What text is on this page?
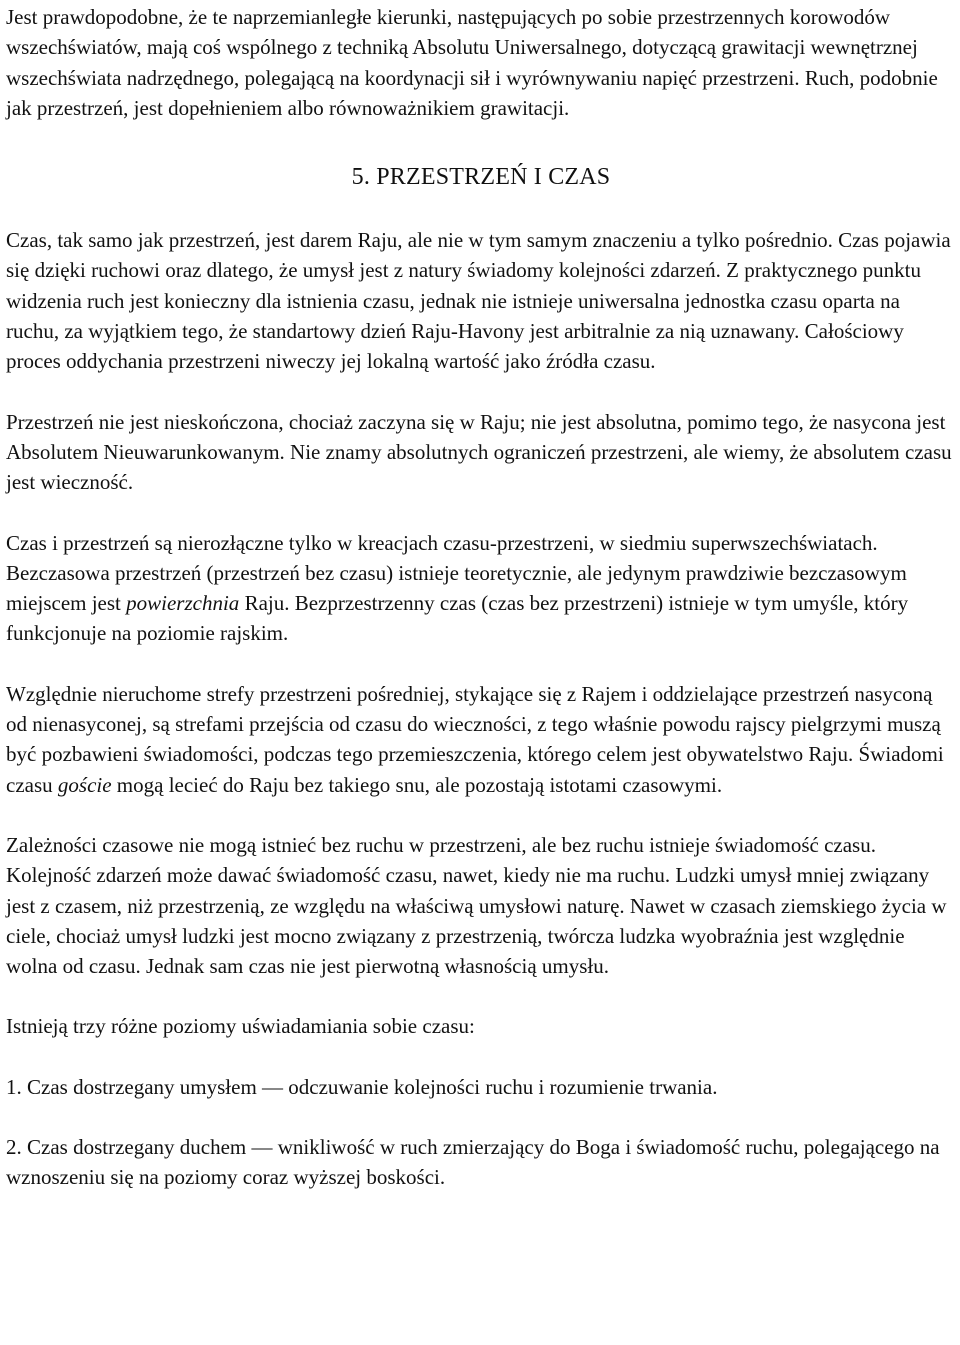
Jest prawdopodobne, że te naprzemianległe kierunki, następujących po sobie przestrzennych korowodów wszechświatów, mają coś wspólnego z techniką Absolutu Uniwersalnego, dotyczącą grawitacji wewnętrznej wszechświata nadrzędnego, polegającą na koordynacji sił i wyrównywaniu napięć przestrzeni. Ruch, podobnie jak przestrzeń, jest dopełnieniem albo równoważnikiem grawitacji.

5. PRZESTRZEŃ I CZAS

Czas, tak samo jak przestrzeń, jest darem Raju, ale nie w tym samym znaczeniu a tylko pośrednio. Czas pojawia się dzięki ruchowi oraz dlatego, że umysł jest z natury świadomy kolejności zdarzeń. Z praktycznego punktu widzenia ruch jest konieczny dla istnienia czasu, jednak nie istnieje uniwersalna jednostka czasu oparta na ruchu, za wyjątkiem tego, że standartowy dzień Raju-Havony jest arbitralnie za nią uznawany. Całościowy proces oddychania przestrzeni niweczy jej lokalną wartość jako źródła czasu.

Przestrzeń nie jest nieskończona, chociaż zaczyna się w Raju; nie jest absolutna, pomimo tego, że nasycona jest Absolutem Nieuwarunkowanym. Nie znamy absolutnych ograniczeń przestrzeni, ale wiemy, że absolutem czasu jest wieczność.

Czas i przestrzeń są nierozłączne tylko w kreacjach czasu-przestrzeni, w siedmiu superwszechświatach. Bezczasowa przestrzeń (przestrzeń bez czasu) istnieje teoretycznie, ale jedynym prawdziwie bezczasowym miejscem jest powierzchnia Raju. Bezprzestrzenny czas (czas bez przestrzeni) istnieje w tym umyśle, który funkcjonuje na poziomie rajskim.

Względnie nieruchome strefy przestrzeni pośredniej, stykające się z Rajem i oddzielające przestrzeń nasyconą od nienasyconej, są strefami przejścia od czasu do wieczności, z tego właśnie powodu rajscy pielgrzymi muszą być pozbawieni świadomości, podczas tego przemieszczenia, którego celem jest obywatelstwo Raju. Świadomi czasu goście mogą lecieć do Raju bez takiego snu, ale pozostają istotami czasowymi.

Zależności czasowe nie mogą istnieć bez ruchu w przestrzeni, ale bez ruchu istnieje świadomość czasu. Kolejność zdarzeń może dawać świadomość czasu, nawet, kiedy nie ma ruchu. Ludzki umysł mniej związany jest z czasem, niż przestrzenią, ze względu na właściwą umysłowi naturę. Nawet w czasach ziemskiego życia w ciele, chociaż umysł ludzki jest mocno związany z przestrzenią, twórcza ludzka wyobraźnia jest względnie wolna od czasu. Jednak sam czas nie jest pierwotną własnością umysłu.

Istnieją trzy różne poziomy uświadamiania sobie czasu:

1. Czas dostrzegany umysłem — odczuwanie kolejności ruchu i rozumienie trwania.

2. Czas dostrzegany duchem — wnikliwość w ruch zmierzający do Boga i świadomość ruchu, polegającego na wznoszeniu się na poziomy coraz wyższej boskości.
